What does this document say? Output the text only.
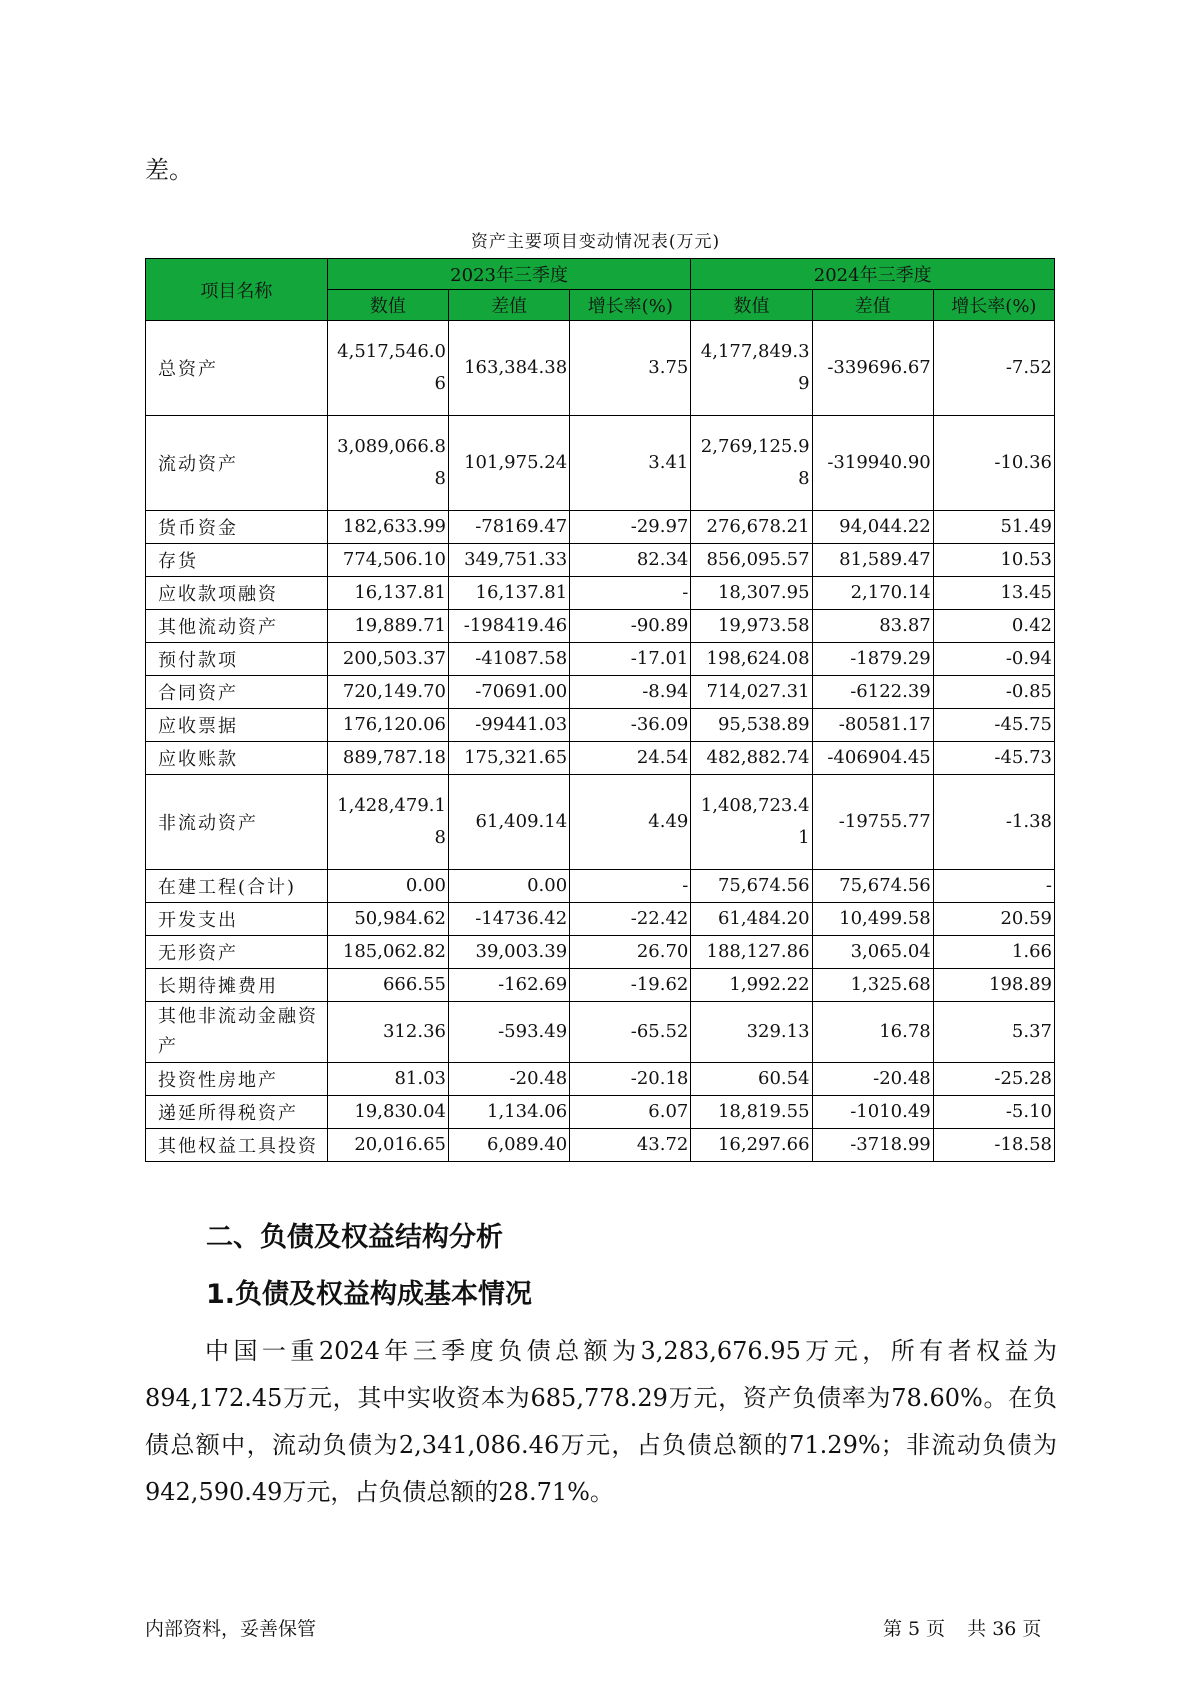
差。
资产主要项目变动情况表(万元)
项目名称	2023年三季度			2024年三季度		
	数值	差值	增长率(%)	数值	差值	增长率(%)
总资产	4,517,546.06	163,384.38	3.75	4,177,849.39	-339696.67	-7.52
流动资产	3,089,066.88	101,975.24	3.41	2,769,125.98	-319940.90	-10.36
货币资金	182,633.99	-78169.47	-29.97	276,678.21	94,044.22	51.49
存货	774,506.10	349,751.33	82.34	856,095.57	81,589.47	10.53
应收款项融资	16,137.81	16,137.81	-	18,307.95	2,170.14	13.45
其他流动资产	19,889.71	-198419.46	-90.89	19,973.58	83.87	0.42
预付款项	200,503.37	-41087.58	-17.01	198,624.08	-1879.29	-0.94
合同资产	720,149.70	-70691.00	-8.94	714,027.31	-6122.39	-0.85
应收票据	176,120.06	-99441.03	-36.09	95,538.89	-80581.17	-45.75
应收账款	889,787.18	175,321.65	24.54	482,882.74	-406904.45	-45.73
非流动资产	1,428,479.18	61,409.14	4.49	1,408,723.41	-19755.77	-1.38
在建工程(合计)	0.00	0.00	-	75,674.56	75,674.56	-
开发支出	50,984.62	-14736.42	-22.42	61,484.20	10,499.58	20.59
无形资产	185,062.82	39,003.39	26.70	188,127.86	3,065.04	1.66
长期待摊费用	666.55	-162.69	-19.62	1,992.22	1,325.68	198.89
其他非流动金融资产	312.36	-593.49	-65.52	329.13	16.78	5.37
投资性房地产	81.03	-20.48	-20.18	60.54	-20.48	-25.28
递延所得税资产	19,830.04	1,134.06	6.07	18,819.55	-1010.49	-5.10
其他权益工具投资	20,016.65	6,089.40	43.72	16,297.66	-3718.99	-18.58
二、负债及权益结构分析
1.负债及权益构成基本情况

中国一重2024年三季度负债总额为3,283,676.95万元，所有者权益为894,172.45万元，其中实收资本为685,778.29万元，资产负债率为78.60%。在负债总额中，流动负债为2,341,086.46万元，占负债总额的71.29%；非流动负债为942,590.49万元，占负债总额的28.71%。

内部资料，妥善保管	第 5 页 共 36 页
